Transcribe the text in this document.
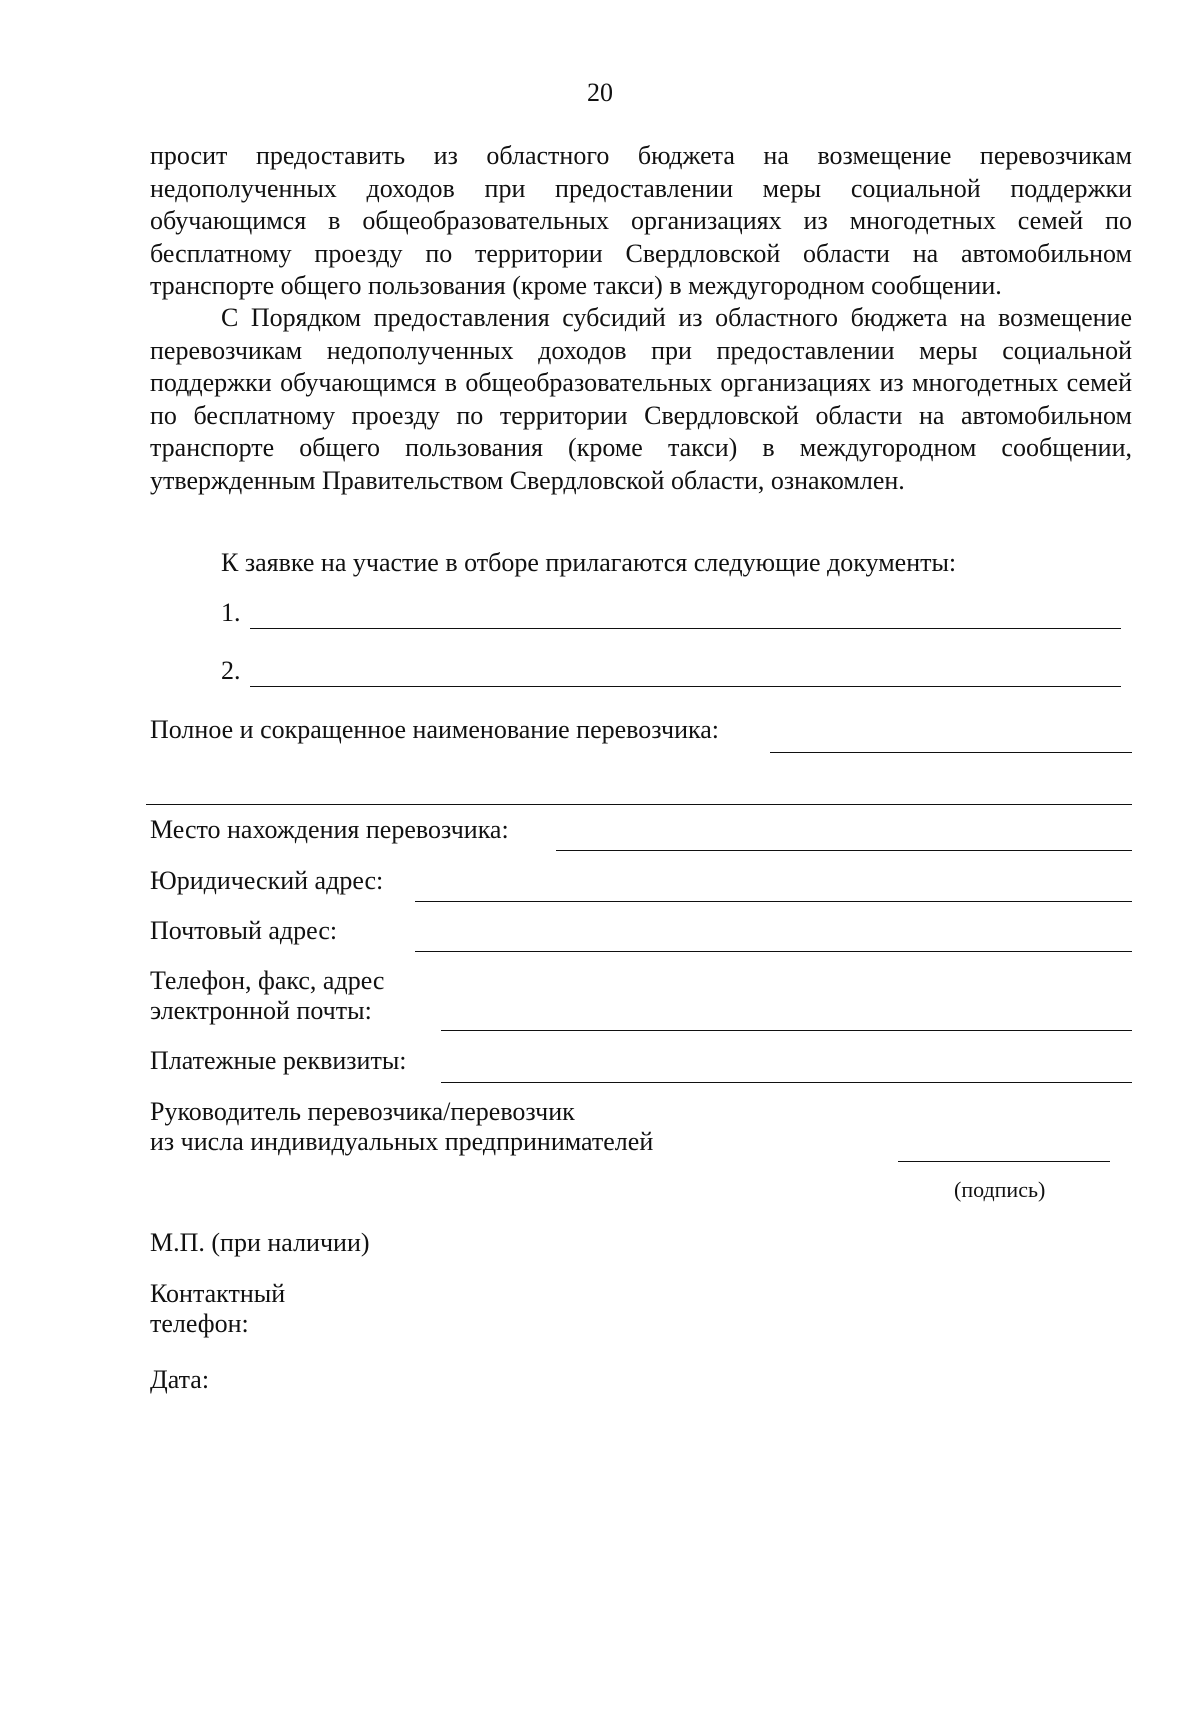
20
просит предоставить из областного бюджета на возмещение перевозчикам недополученных доходов при предоставлении меры социальной поддержки обучающимся в общеобразовательных организациях из многодетных семей по бесплатному проезду по территории Свердловской области на автомобильном транспорте общего пользования (кроме такси) в междугородном сообщении.
С Порядком предоставления субсидий из областного бюджета на возмещение перевозчикам недополученных доходов при предоставлении меры социальной поддержки обучающимся в общеобразовательных организациях из многодетных семей по бесплатному проезду по территории Свердловской области на автомобильном транспорте общего пользования (кроме такси) в междугородном сообщении, утвержденным Правительством Свердловской области, ознакомлен.
К заявке на участие в отборе прилагаются следующие документы:
1.
2.
Полное и сокращенное наименование перевозчика:
Место нахождения перевозчика:
Юридический адрес:
Почтовый адрес:
Телефон, факс, адрес
электронной почты:
Платежные реквизиты:
Руководитель перевозчика/перевозчик
из числа индивидуальных предпринимателей
(подпись)
М.П. (при наличии)
Контактный
телефон:
Дата:
